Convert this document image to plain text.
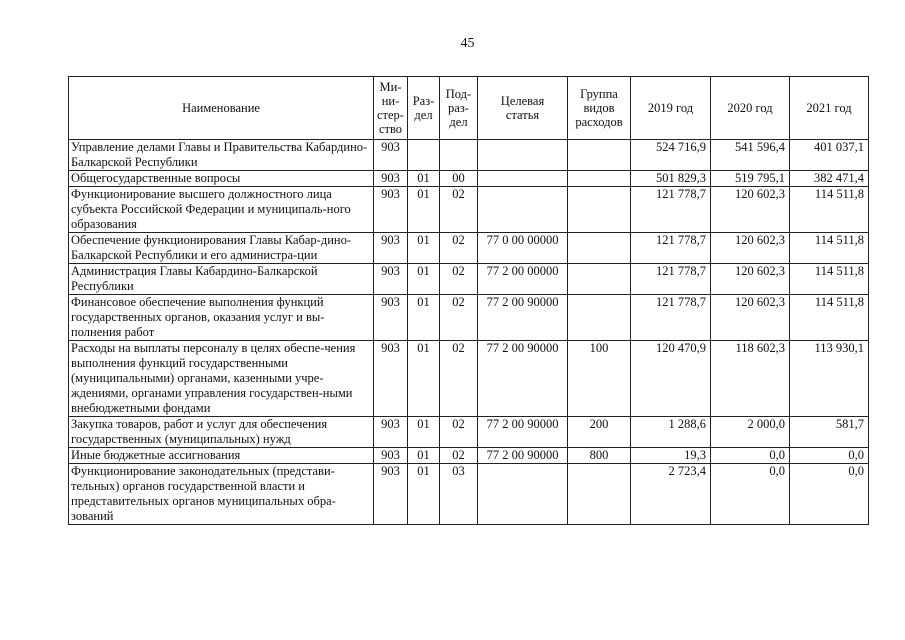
45
Наименование	Ми-
ни-
стер-
ство	Раз-
дел	Под-
раз-
дел	Целевая
статья	Группа
видов
расходов	2019 год	2020 год	2021 год
Управление делами Главы и Правительства Кабардино-Балкарской Республики	903					524 716,9	541 596,4	401 037,1
Общегосударственные вопросы	903	01	00			501 829,3	519 795,1	382 471,4
Функционирование высшего должностного лица субъекта Российской Федерации и муниципаль-ного образования	903	01	02			121 778,7	120 602,3	114 511,8
Обеспечение функционирования Главы Кабар-дино-Балкарской Республики и его администра-ции	903	01	02	77 0 00 00000		121 778,7	120 602,3	114 511,8
Администрация Главы Кабардино-Балкарской Республики	903	01	02	77 2 00 00000		121 778,7	120 602,3	114 511,8
Финансовое обеспечение выполнения функций государственных органов, оказания услуг и вы-полнения работ	903	01	02	77 2 00 90000		121 778,7	120 602,3	114 511,8
Расходы на выплаты персоналу в целях обеспе-чения выполнения функций государственными (муниципальными) органами, казенными учре-ждениями, органами управления государствен-ными внебюджетными фондами	903	01	02	77 2 00 90000	100	120 470,9	118 602,3	113 930,1
Закупка товаров, работ и услуг для обеспечения государственных (муниципальных) нужд	903	01	02	77 2 00 90000	200	1 288,6	2 000,0	581,7
Иные бюджетные ассигнования	903	01	02	77 2 00 90000	800	19,3	0,0	0,0
Функционирование законодательных (представи-тельных) органов государственной власти и представительных органов муниципальных обра-зований	903	01	03			2 723,4	0,0	0,0
